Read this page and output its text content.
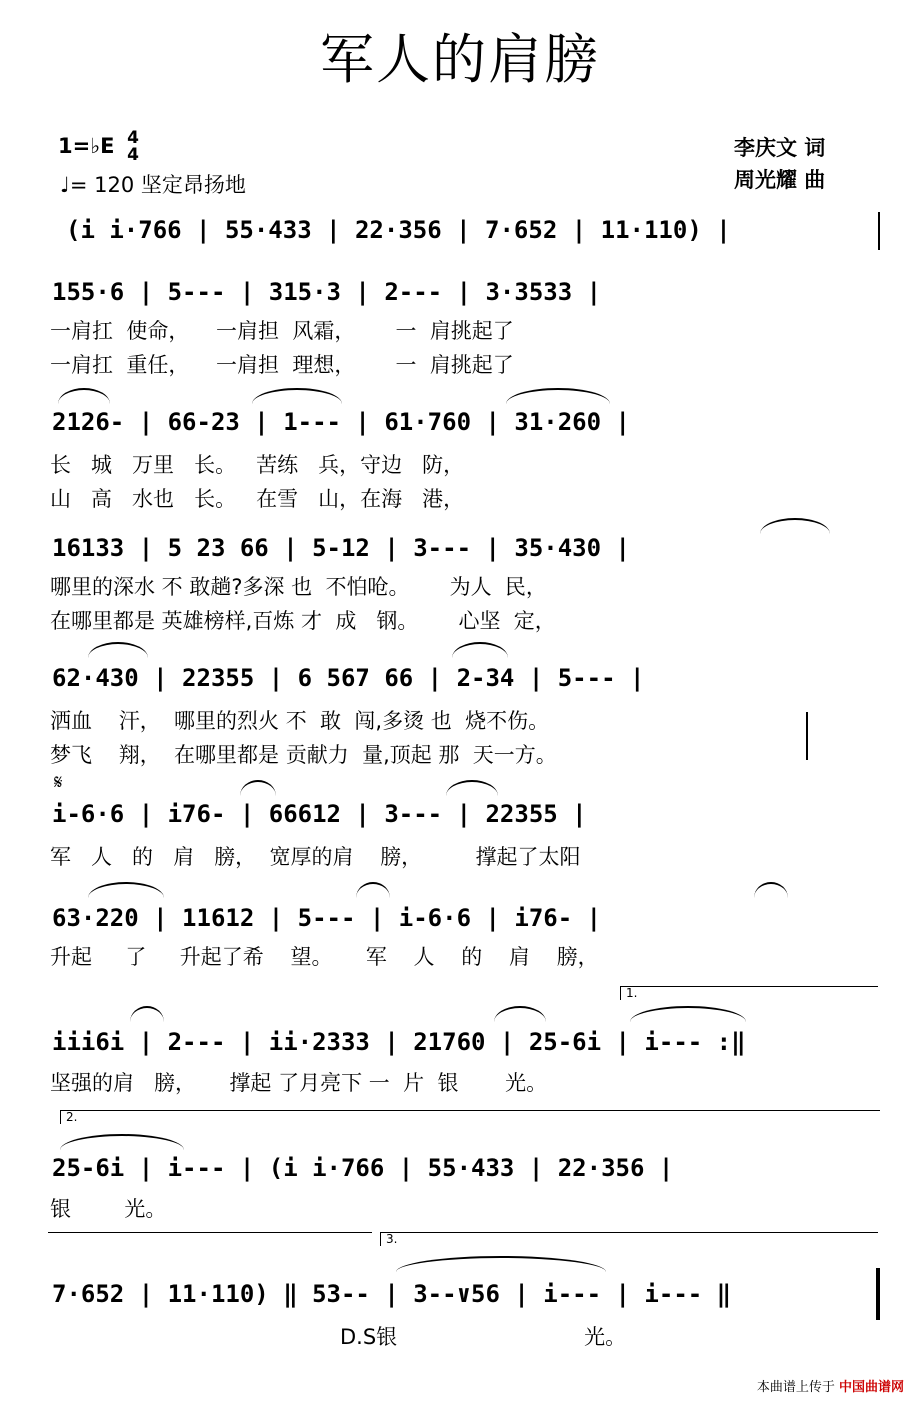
军人的肩膀
1=♭E 4
4
♩= 120 坚定昂扬地
李庆文 词
周光耀 曲
(i i·766 | 55·433 | 22·356 | 7·652 | 11·110) |
155·6 | 5--- | 315·3 | 2--- | 3·3533 |
一肩扛  使命，    一肩担  风霜，      一  肩挑起了
一肩扛  重任，    一肩担  理想，      一  肩挑起了
2126- | 66-23 | 1--- | 61·760 | 31·260 |
长   城   万里   长。   苦练   兵，守边   防，
山   高   水也   长。   在雪   山，在海   港，
16133 | 5 23 66 | 5-12 | 3--- | 35·430 |
哪里的深水 不 敢趟?多深 也  不怕呛。      为人  民，
在哪里都是 英雄榜样,百炼 才  成   钢。      心坚  定，
62·430 | 22355 | 6 567 66 | 2-34 | 5--- |
洒血    汗，  哪里的烈火 不  敢  闯,多烫 也  烧不伤。
梦飞    翔，  在哪里都是 贡献力  量,顶起 那  天一方。
𝄋
i-6·6 | i76- | 66612 | 3--- | 22355 |
军   人   的   肩   膀，  宽厚的肩    膀，        撑起了太阳
63·220 | 11612 | 5--- | i-6·6 | i76- |
升起     了     升起了希    望。     军    人    的    肩    膀，
1.
iii6i | 2--- | ii·2333 | 21760 | 25-6i | i--- :‖
坚强的肩   膀，     撑起 了月亮下 一  片  银       光。
2.
25-6i | i--- | (i i·766 | 55·433 | 22·356 |
银        光。
3.
7·652 | 11·110) ‖ 53-- | 3--∨56 | i--- | i--- ‖
D.S银                            光。
本曲谱上传于 中国曲谱网
